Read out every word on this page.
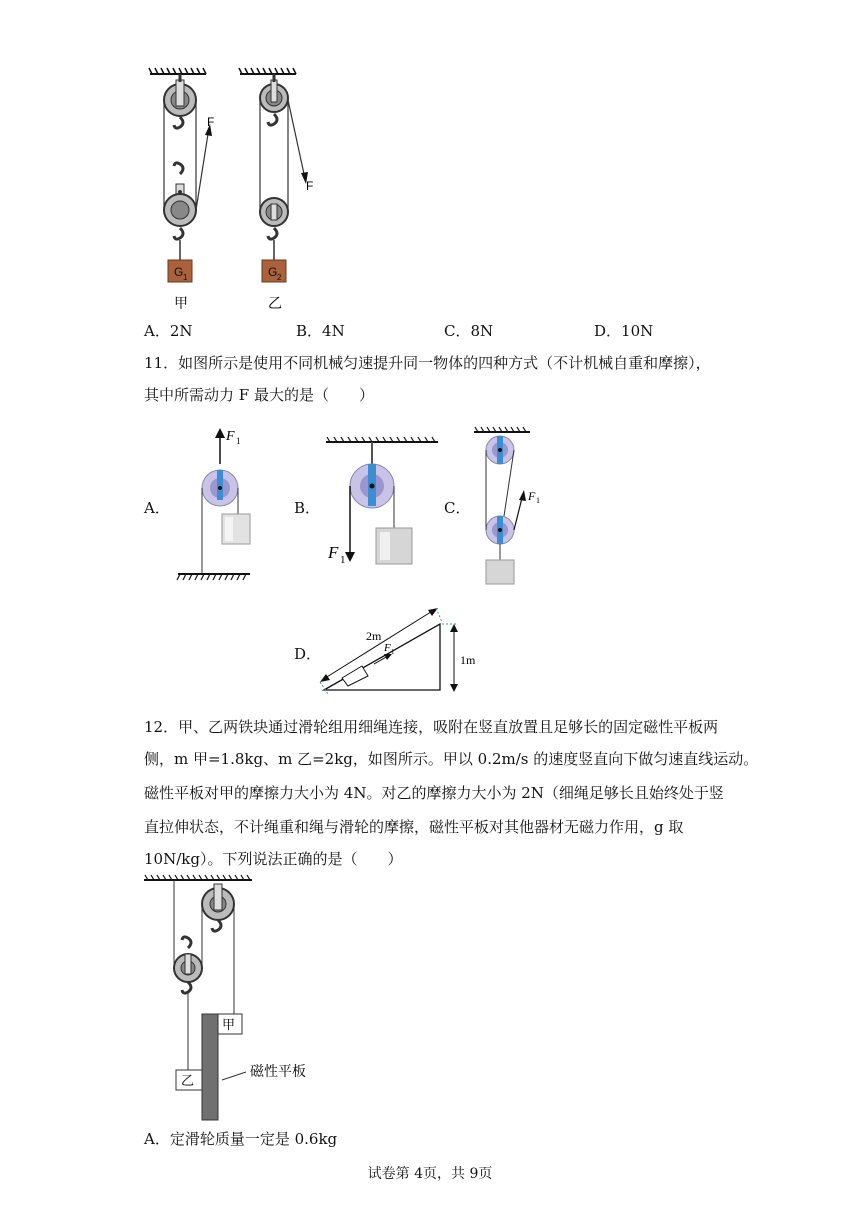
F
G 1
甲
F
G 2
乙
A．2N	B．4N	C．8N	D．10N
11．如图所示是使用不同机械匀速提升同一物体的四种方式（不计机械自重和摩擦），
其中所需动力 F 最大的是（　　）
A．	B．	C．
D．
F 1
F 1
F 1
F 1
2m
1m
12．甲、乙两铁块通过滑轮组用细绳连接，吸附在竖直放置且足够长的固定磁性平板两
侧，m 甲=1.8kg、m 乙=2kg，如图所示。甲以 0.2m/s 的速度竖直向下做匀速直线运动。
磁性平板对甲的摩擦力大小为 4N。对乙的摩擦力大小为 2N（细绳足够长且始终处于竖
直拉伸状态，不计绳重和绳与滑轮的摩擦，磁性平板对其他器材无磁力作用，g 取
10N/kg）。下列说法正确的是（　　）
甲
乙
磁性平板
A．定滑轮质量一定是 0.6kg
试卷第 4页，共 9页
